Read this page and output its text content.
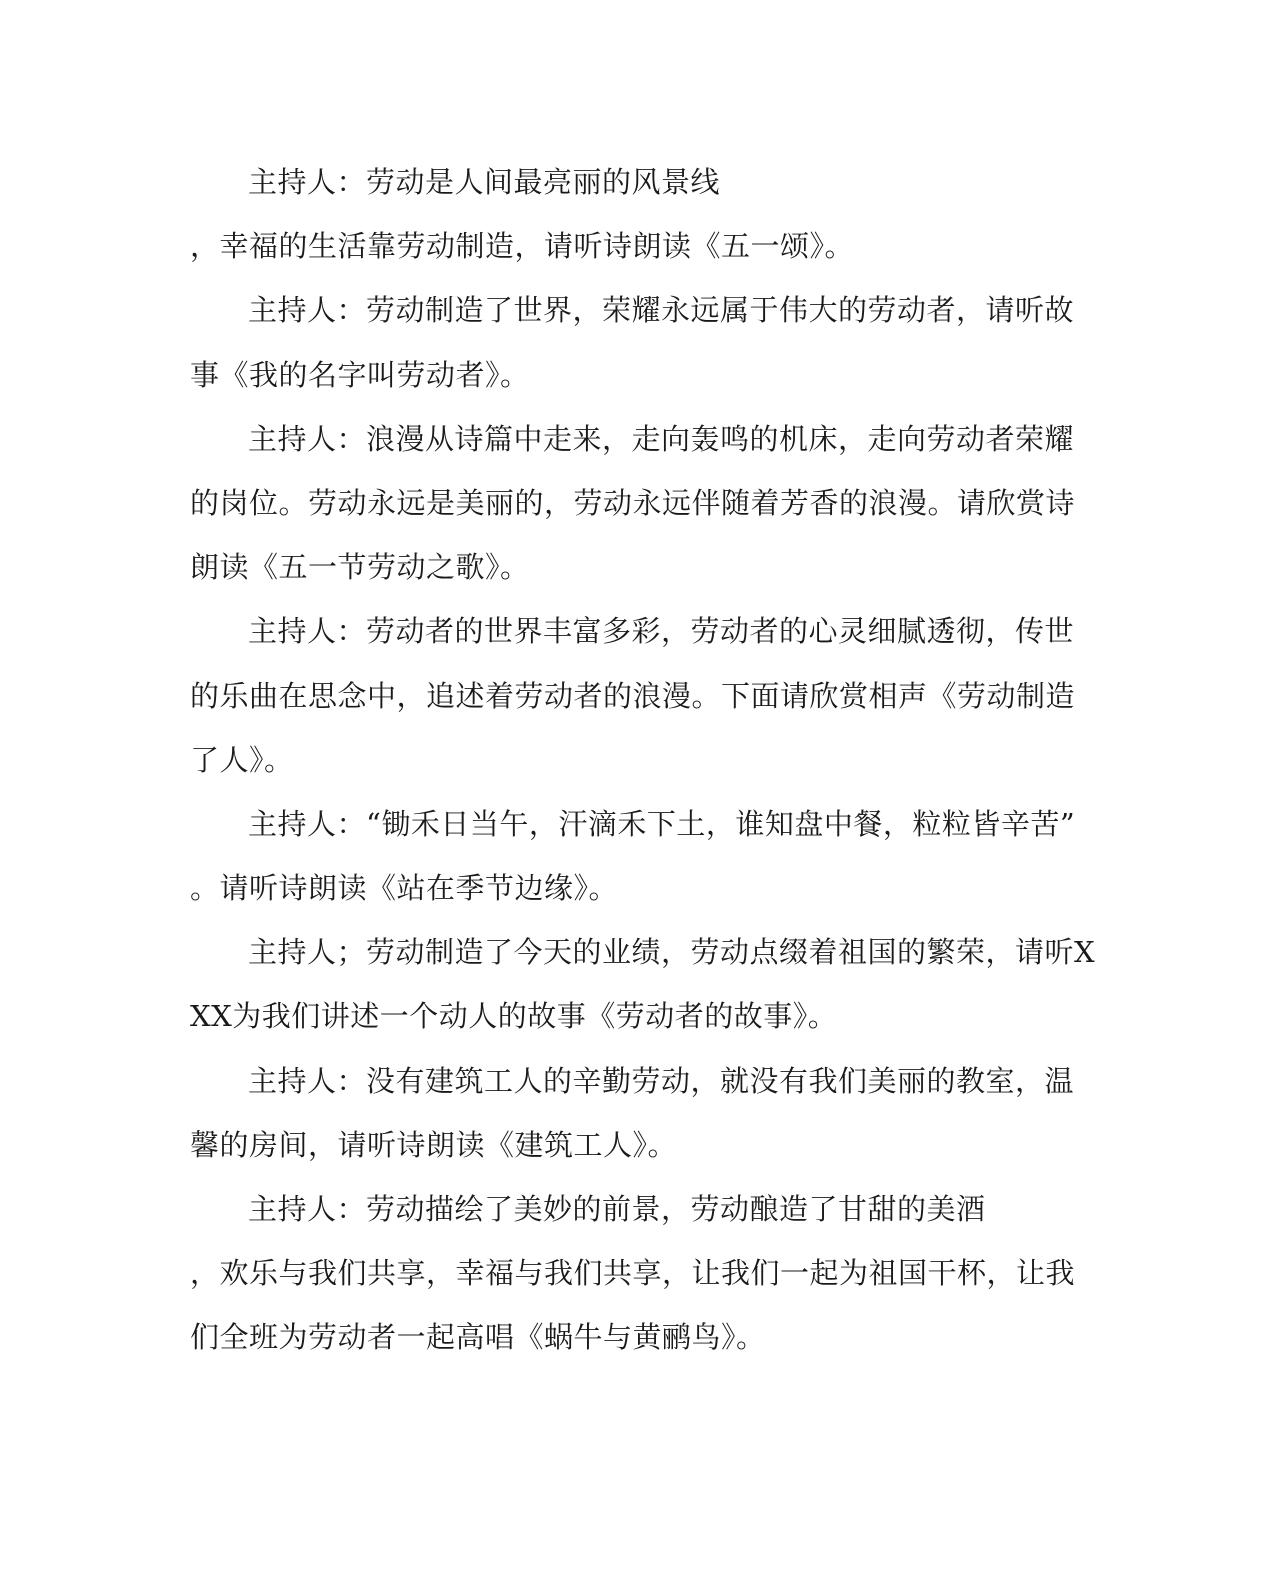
主持人：劳动是人间最亮丽的风景线
，幸福的生活靠劳动制造，请听诗朗读《五一颂》。
主持人：劳动制造了世界，荣耀永远属于伟大的劳动者，请听故
事《我的名字叫劳动者》。
主持人：浪漫从诗篇中走来，走向轰鸣的机床，走向劳动者荣耀
的岗位。劳动永远是美丽的，劳动永远伴随着芳香的浪漫。请欣赏诗
朗读《五一节劳动之歌》。
主持人：劳动者的世界丰富多彩，劳动者的心灵细腻透彻，传世
的乐曲在思念中，追述着劳动者的浪漫。下面请欣赏相声《劳动制造
了人》。
主持人：“锄禾日当午，汗滴禾下土，谁知盘中餐，粒粒皆辛苦”
。请听诗朗读《站在季节边缘》。
主持人；劳动制造了今天的业绩，劳动点缀着祖国的繁荣，请听X
XX为我们讲述一个动人的故事《劳动者的故事》。
主持人：没有建筑工人的辛勤劳动，就没有我们美丽的教室，温
馨的房间，请听诗朗读《建筑工人》。
主持人：劳动描绘了美妙的前景，劳动酿造了甘甜的美酒
，欢乐与我们共享，幸福与我们共享，让我们一起为祖国干杯，让我
们全班为劳动者一起高唱《蜗牛与黄鹂鸟》。
